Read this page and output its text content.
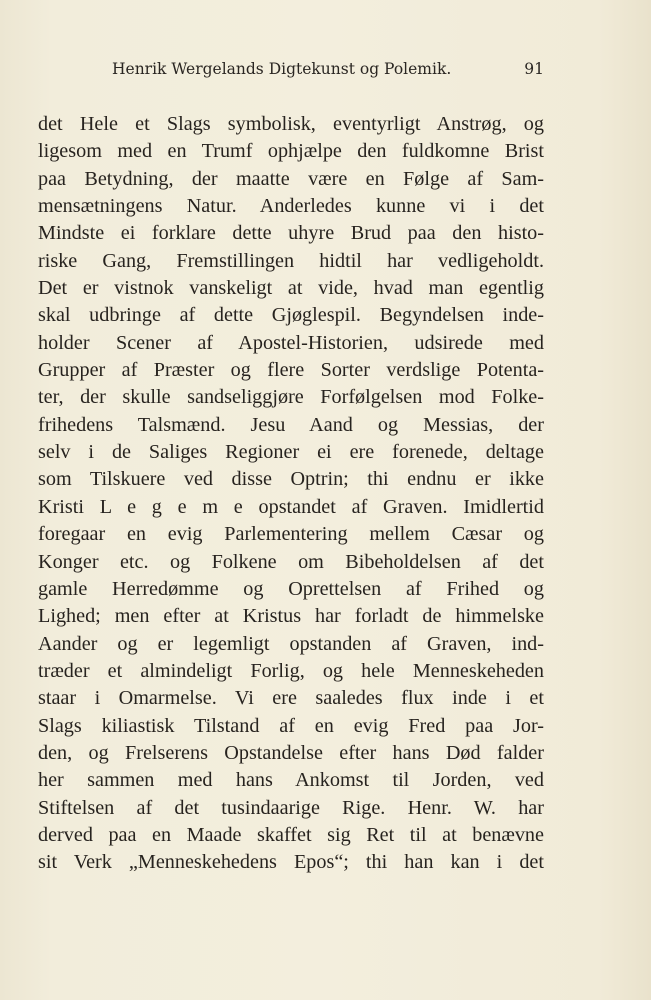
Henrik Wergelands Digtekunst og Polemik.	91
det Hele et Slags symbolisk, eventyrligt Anstrøg, og
ligesom med en Trumf ophjælpe den fuldkomne Brist
paa Betydning, der maatte være en Følge af Sam-
mensætningens Natur. Anderledes kunne vi i det
Mindste ei forklare dette uhyre Brud paa den histo-
riske Gang, Fremstillingen hidtil har vedligeholdt.
Det er vistnok vanskeligt at vide, hvad man egentlig
skal udbringe af dette Gjøglespil. Begyndelsen inde-
holder Scener af Apostel-Historien, udsirede med
Grupper af Præster og flere Sorter verdslige Potenta-
ter, der skulle sandseliggjøre Forfølgelsen mod Folke-
frihedens Talsmænd. Jesu Aand og Messias, der
selv i de Saliges Regioner ei ere forenede, deltage
som Tilskuere ved disse Optrin; thi endnu er ikke
Kristi L e g e m e opstandet af Graven. Imidlertid
foregaar en evig Parlementering mellem Cæsar og
Konger etc. og Folkene om Bibeholdelsen af det
gamle Herredømme og Oprettelsen af Frihed og
Lighed; men efter at Kristus har forladt de himmelske
Aander og er legemligt opstanden af Graven, ind-
træder et almindeligt Forlig, og hele Menneskeheden
staar i Omarmelse. Vi ere saaledes flux inde i et
Slags kiliastisk Tilstand af en evig Fred paa Jor-
den, og Frelserens Opstandelse efter hans Død falder
her sammen med hans Ankomst til Jorden, ved
Stiftelsen af det tusindaarige Rige. Henr. W. har
derved paa en Maade skaffet sig Ret til at benævne
sit Verk „Menneskehedens Epos“; thi han kan i det
